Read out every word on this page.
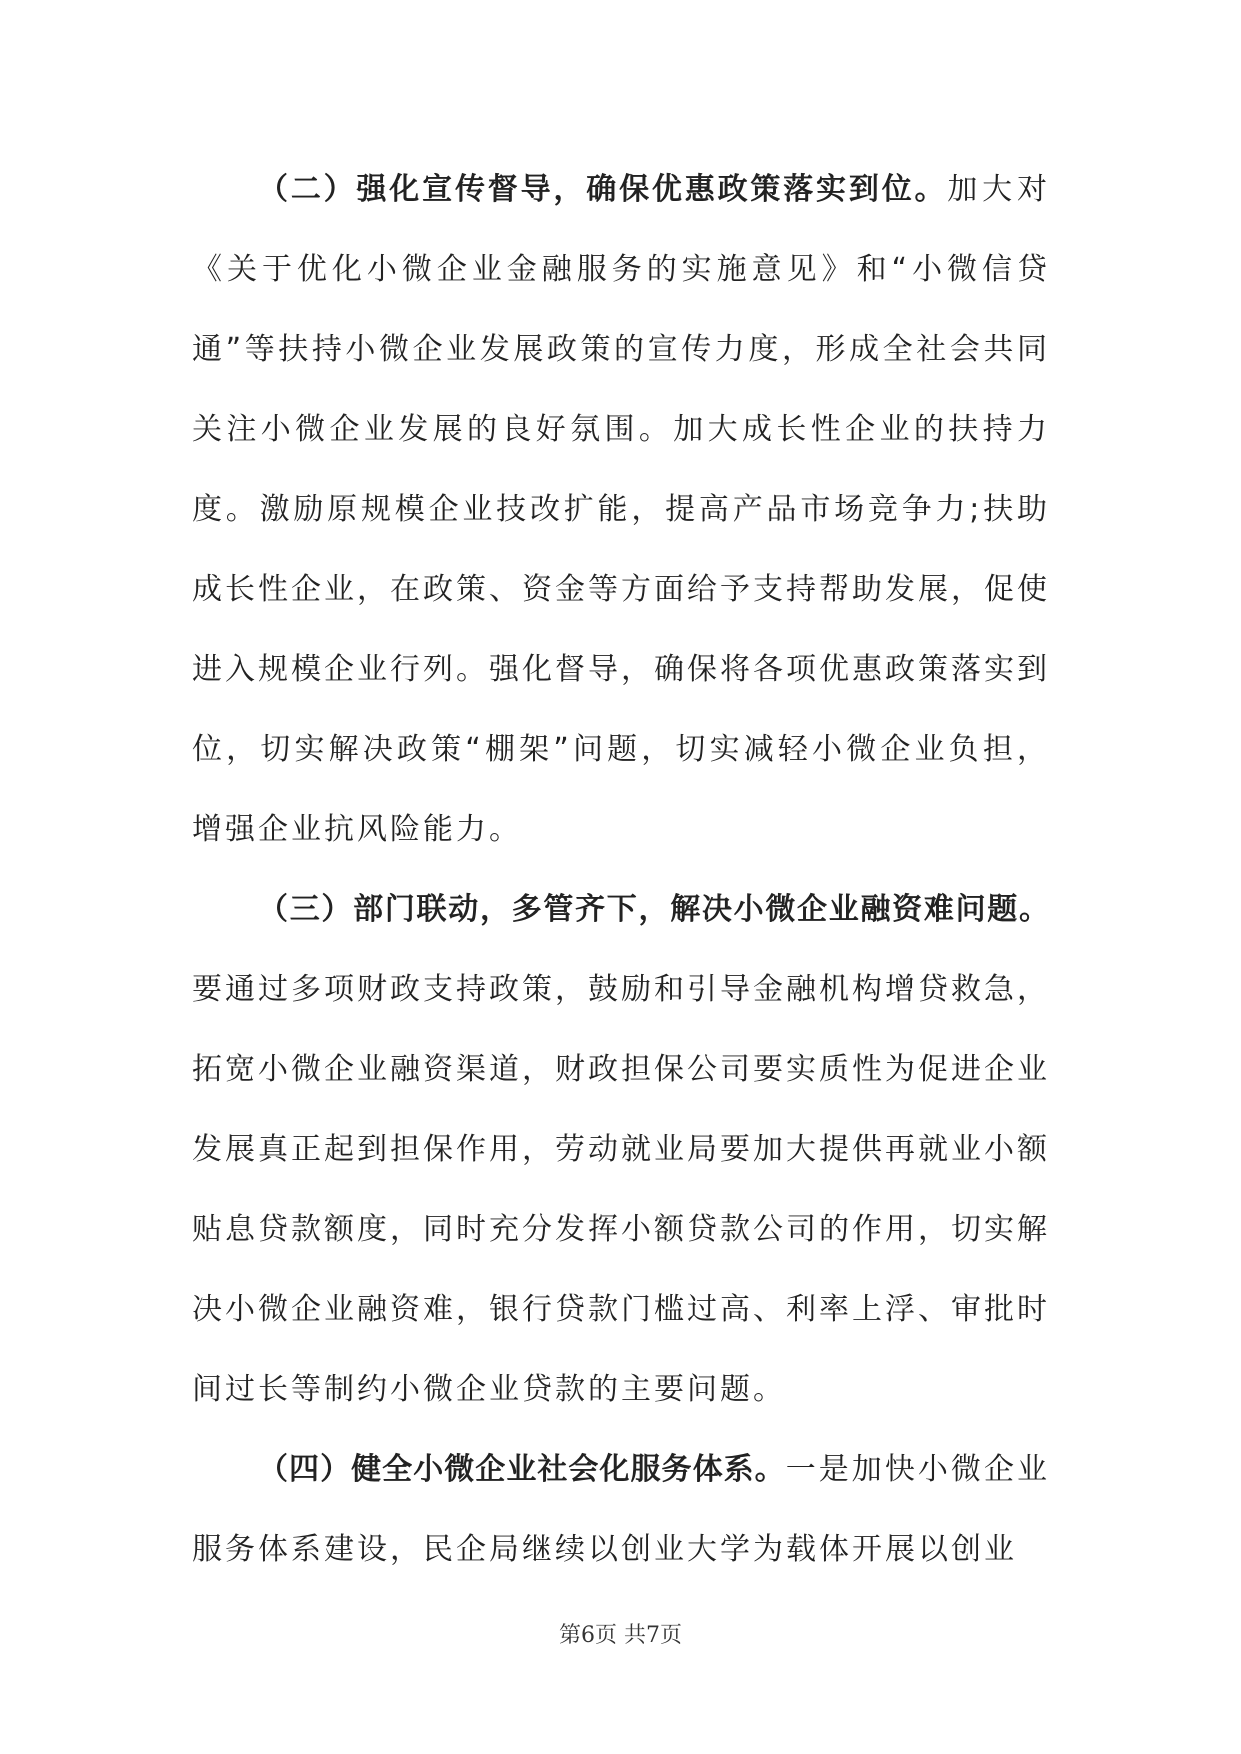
（二）强化宣传督导，确保优惠政策落实到位。加大对《关于优化小微企业金融服务的实施意见》和“小微信贷通”等扶持小微企业发展政策的宣传力度，形成全社会共同关注小微企业发展的良好氛围。加大成长性企业的扶持力度。激励原规模企业技改扩能，提高产品市场竞争力;扶助成长性企业，在政策、资金等方面给予支持帮助发展，促使进入规模企业行列。强化督导，确保将各项优惠政策落实到位，切实解决政策“棚架”问题，切实减轻小微企业负担，增强企业抗风险能力。

（三）部门联动，多管齐下，解决小微企业融资难问题。要通过多项财政支持政策，鼓励和引导金融机构增贷救急，拓宽小微企业融资渠道，财政担保公司要实质性为促进企业发展真正起到担保作用，劳动就业局要加大提供再就业小额贴息贷款额度，同时充分发挥小额贷款公司的作用，切实解决小微企业融资难，银行贷款门槛过高、利率上浮、审批时间过长等制约小微企业贷款的主要问题。

（四）健全小微企业社会化服务体系。一是加快小微企业服务体系建设，民企局继续以创业大学为载体开展以创业

第6页 共7页
